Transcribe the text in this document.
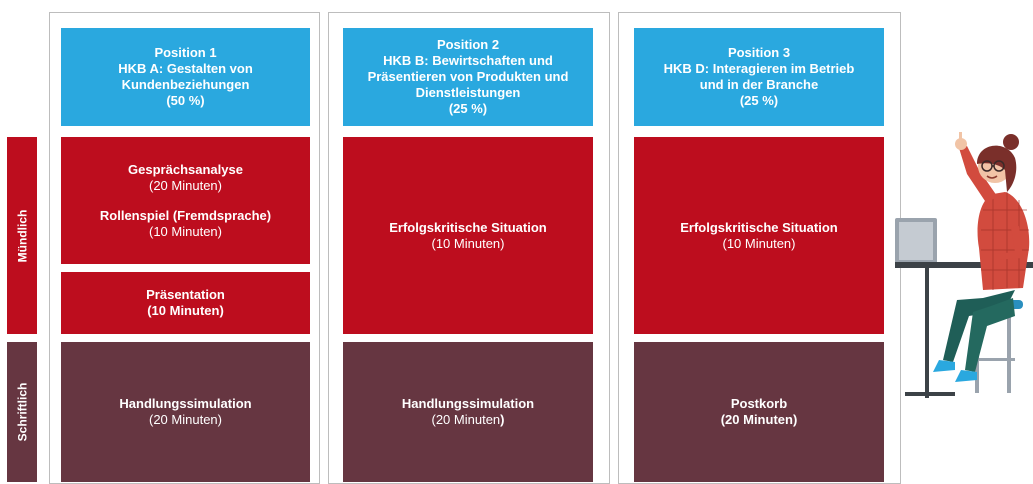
Mündlich
Schriftlich
Position 1
HKB A: Gestalten von
Kundenbeziehungen
(50 %)
Gesprächsanalyse
(20 Minuten)
Rollenspiel (Fremdsprache)
(10 Minuten)
Präsentation
(10 Minuten)
Handlungssimulation
(20 Minuten)
Position 2
HKB B: Bewirtschaften und
Präsentieren von Produkten und
Dienstleistungen
(25 %)
Erfolgskritische Situation
(10 Minuten)
Handlungssimulation
(20 Minuten)
Position 3
HKB D: Interagieren im Betrieb
und in der Branche
(25 %)
Erfolgskritische Situation
(10 Minuten)
Postkorb
(20 Minuten)
